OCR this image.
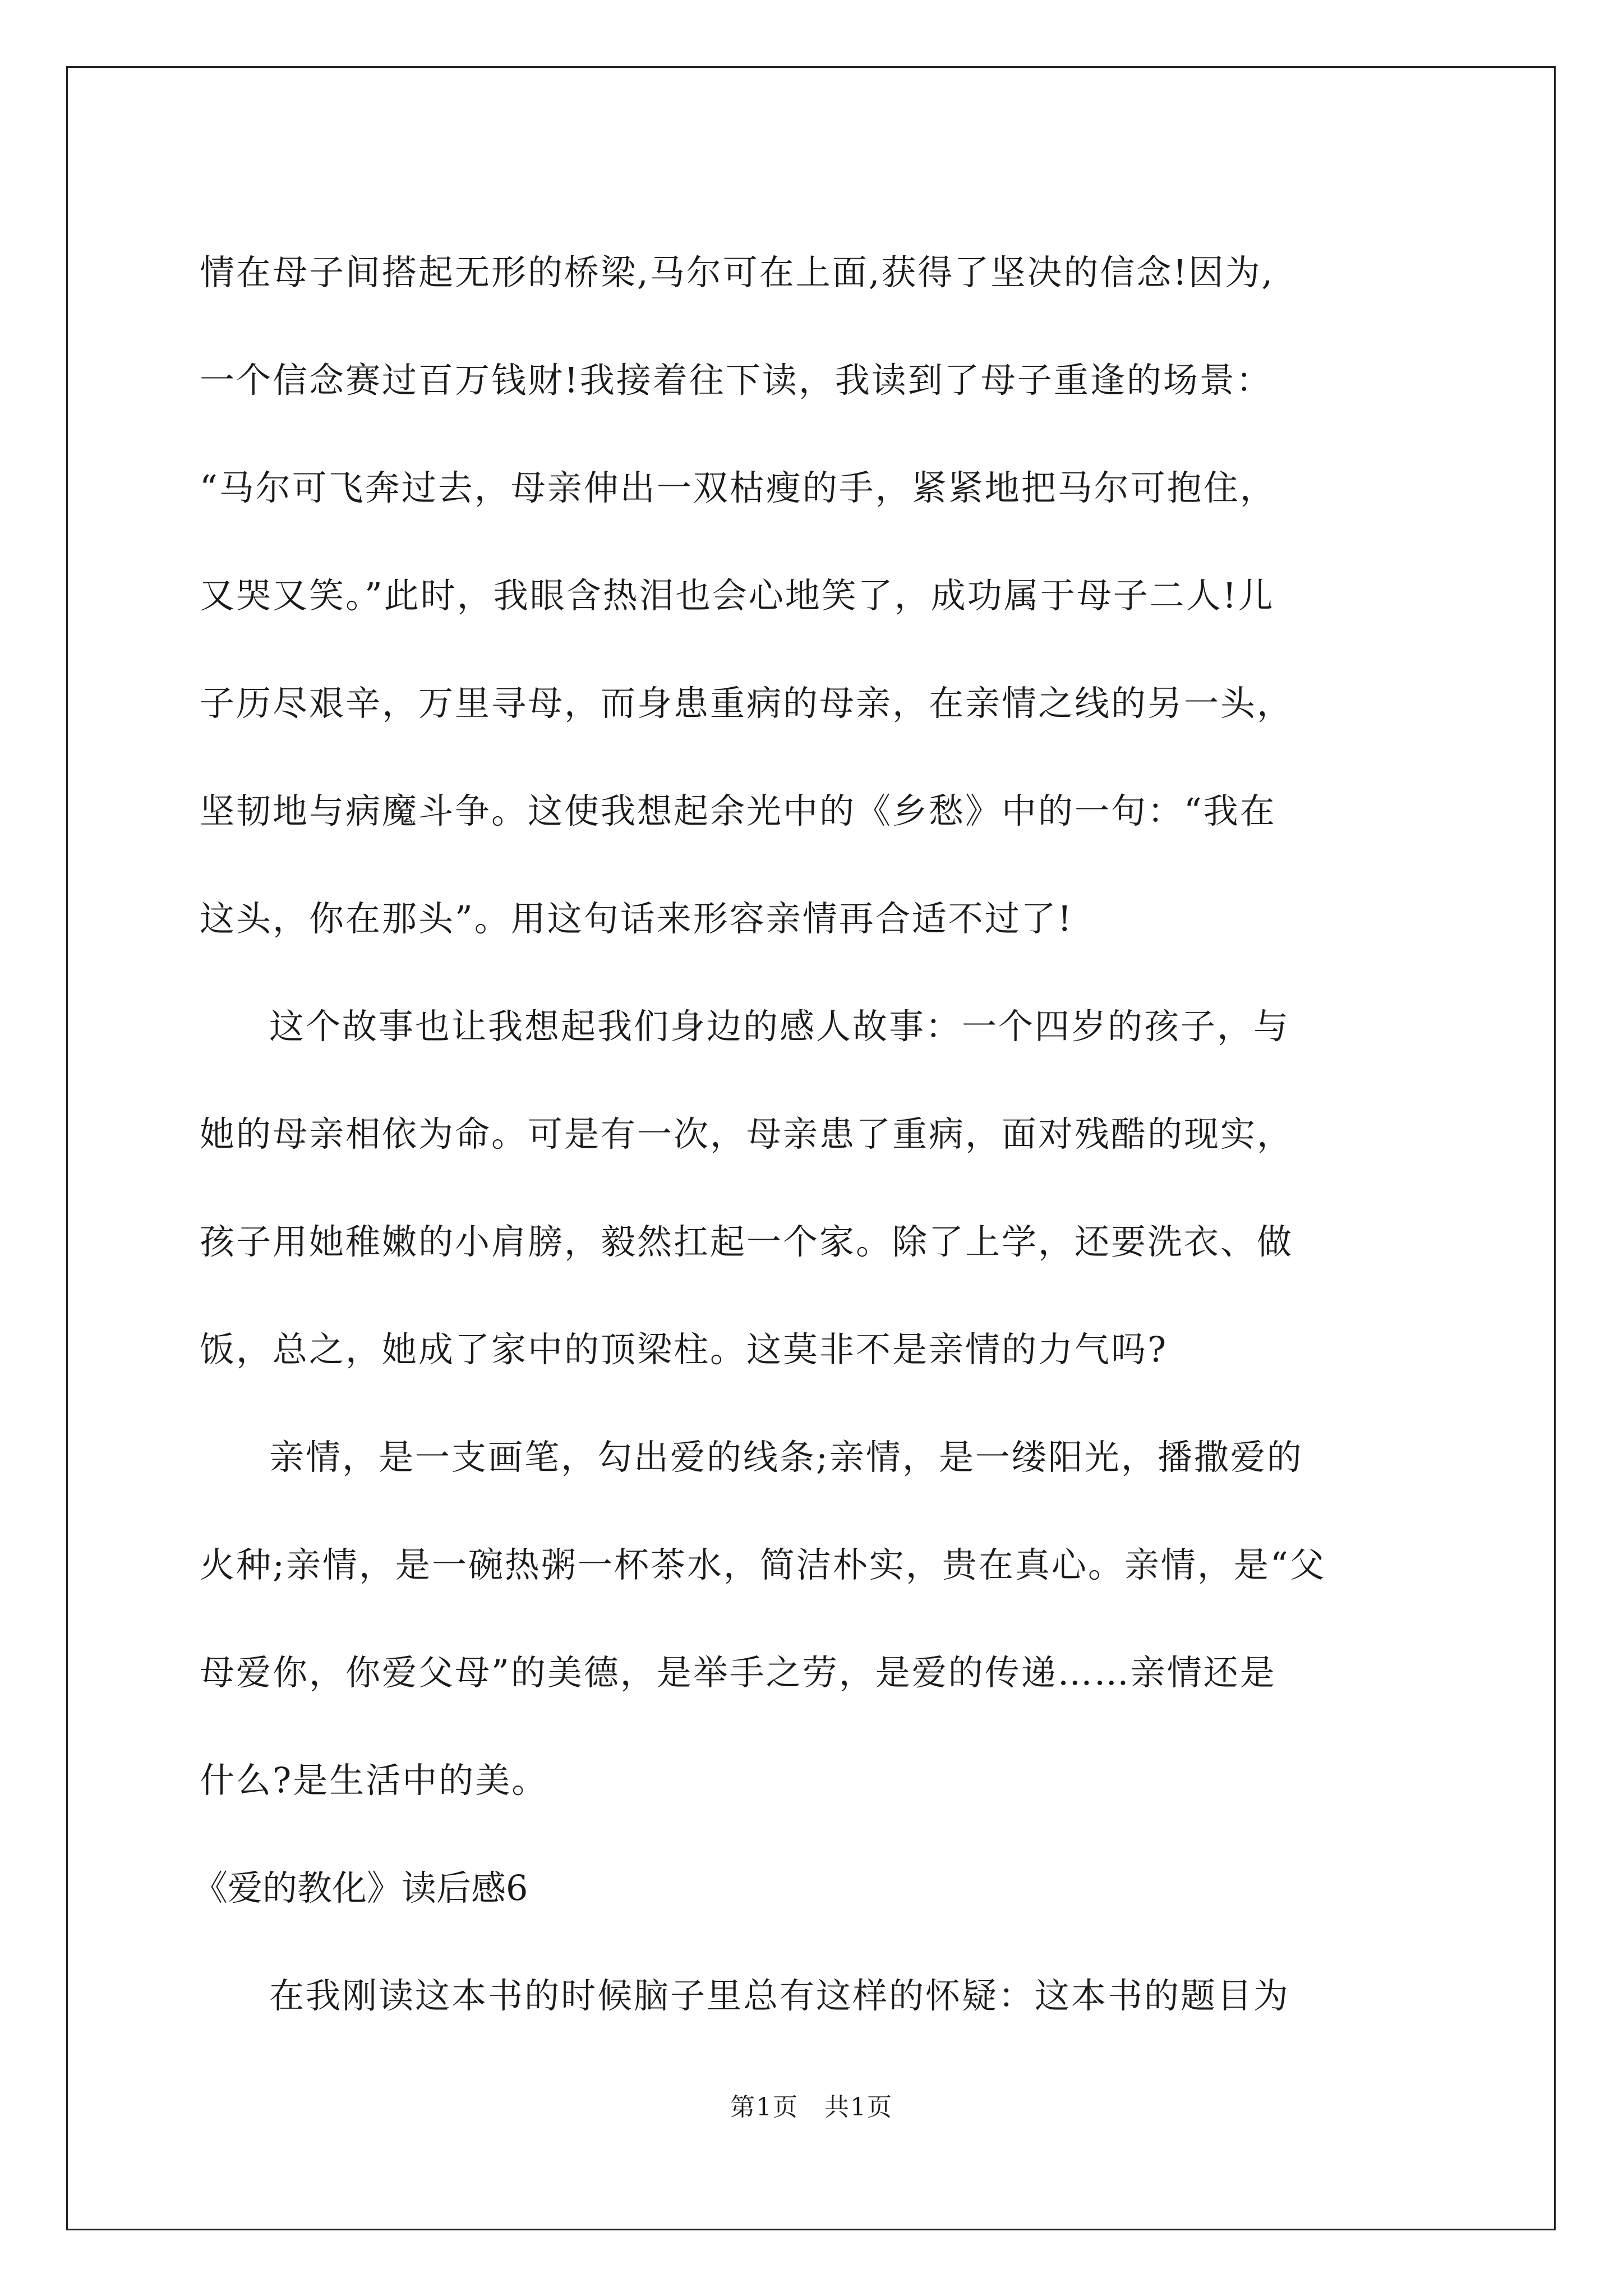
情在母子间搭起无形的桥梁,马尔可在上面,获得了坚决的信念!因为,
一个信念赛过百万钱财!我接着往下读，我读到了母子重逢的场景：
“马尔可飞奔过去，母亲伸出一双枯瘦的手，紧紧地把马尔可抱住，
又哭又笑。”此时，我眼含热泪也会心地笑了，成功属于母子二人!儿
子历尽艰辛，万里寻母，而身患重病的母亲，在亲情之线的另一头，
坚韧地与病魔斗争。这使我想起余光中的《乡愁》中的一句：“我在
这头，你在那头”。用这句话来形容亲情再合适不过了!
这个故事也让我想起我们身边的感人故事：一个四岁的孩子，与
她的母亲相依为命。可是有一次，母亲患了重病，面对残酷的现实，
孩子用她稚嫩的小肩膀，毅然扛起一个家。除了上学，还要洗衣、做
饭，总之，她成了家中的顶梁柱。这莫非不是亲情的力气吗?
亲情，是一支画笔，勾出爱的线条;亲情，是一缕阳光，播撒爱的
火种;亲情，是一碗热粥一杯茶水，简洁朴实，贵在真心。亲情，是“父
母爱你，你爱父母”的美德，是举手之劳，是爱的传递……亲情还是
什么?是生活中的美。
《爱的教化》读后感6
在我刚读这本书的时候脑子里总有这样的怀疑：这本书的题目为
第1页　共1页
